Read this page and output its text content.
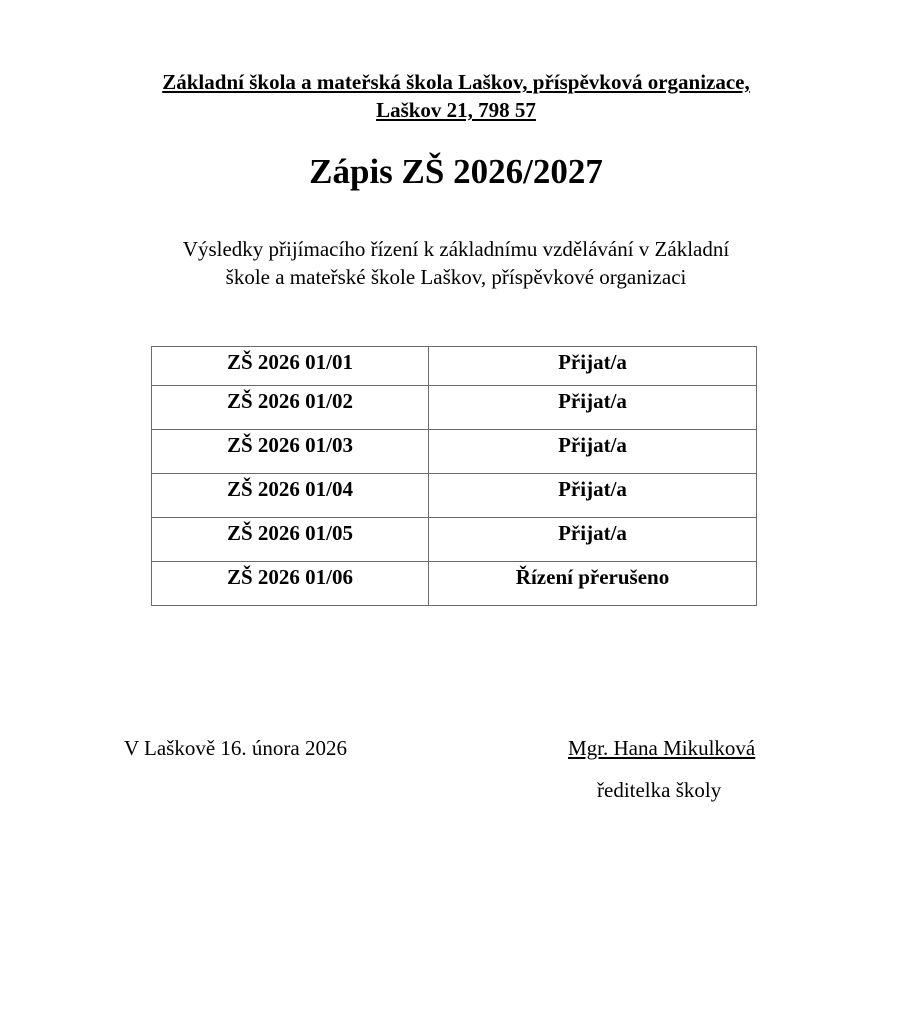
Základní škola a mateřská škola Laškov, příspěvková organizace,
Laškov 21, 798 57
Zápis ZŠ 2026/2027
Výsledky přijímacího řízení k základnímu vzdělávání v Základní
škole a mateřské škole Laškov, příspěvkové organizaci
ZŠ 2026 01/01	Přijat/a
ZŠ 2026 01/02	Přijat/a
ZŠ 2026 01/03	Přijat/a
ZŠ 2026 01/04	Přijat/a
ZŠ 2026 01/05	Přijat/a
ZŠ 2026 01/06	Řízení přerušeno
V Laškově 16. února 2026	Mgr. Hana Mikulková
ředitelka školy
